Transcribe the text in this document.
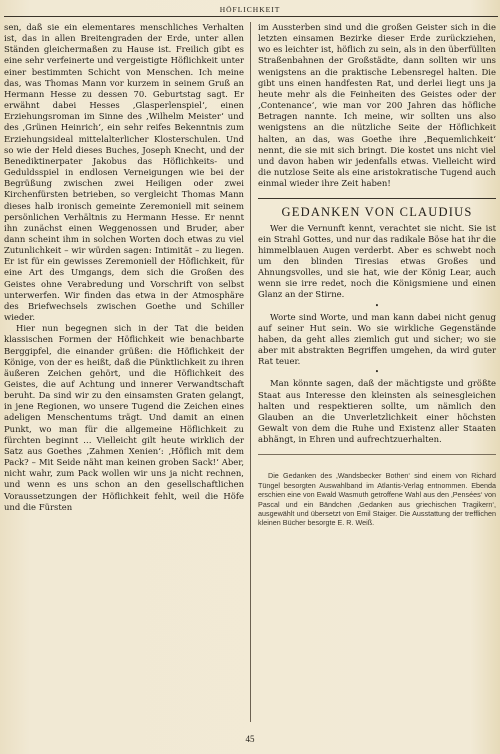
HÖFLICHKEIT

sen, daß sie ein elementares menschliches Verhalten ist, das in allen Breitengraden der Erde, unter allen Ständen gleichermaßen zu Hause ist. Freilich gibt es eine sehr verfeinerte und vergeistigte Höflichkeit unter einer bestimmten Schicht von Menschen. Ich meine das, was Thomas Mann vor kurzem in seinem Gruß an Hermann Hesse zu dessen 70. Geburtstag sagt. Er erwähnt dabei Hesses ‚Glasperlenspiel‘, einen Erziehungsroman im Sinne des ‚Wilhelm Meister‘ und des ‚Grünen Heinrich‘, ein sehr reifes Bekenntnis zum Erziehungsideal mittelalterlicher Klosterschulen. Und so wie der Held dieses Buches, Joseph Knecht, und der Benediktinerpater Jakobus das Höflichkeits- und Geduldsspiel in endlosen Verneigungen wie bei der Begrüßung zwischen zwei Heiligen oder zwei Kirchenfürsten betrieben, so vergleicht Thomas Mann dieses halb ironisch gemeinte Zeremoniell mit seinem persönlichen Verhältnis zu Hermann Hesse. Er nennt ihn zunächst einen Weggenossen und Bruder, aber dann scheint ihm in solchen Worten doch etwas zu viel Zutunlichkeit – wir würden sagen: Intimität – zu liegen. Er ist für ein gewisses Zeremoniell der Höflichkeit, für eine Art des Umgangs, dem sich die Großen des Geistes ohne Verabredung und Vorschrift von selbst unterwerfen. Wir finden das etwa in der Atmosphäre des Briefwechsels zwischen Goethe und Schiller wieder.

Hier nun begegnen sich in der Tat die beiden klassischen Formen der Höflichkeit wie benachbarte Berggipfel, die einander grüßen: die Höflichkeit der Könige, von der es heißt, daß die Pünktlichkeit zu ihren äußeren Zeichen gehört, und die Höflichkeit des Geistes, die auf Achtung und innerer Verwandtschaft beruht. Da sind wir zu den einsamsten Graten gelangt, in jene Regionen, wo unsere Tugend die Zeichen eines adeligen Menschentums trägt. Und damit an einen Punkt, wo man für die allgemeine Höflichkeit zu fürchten beginnt … Vielleicht gilt heute wirklich der Satz aus Goethes ‚Zahmen Xenien‘: ‚Höflich mit dem Pack? – Mit Seide näht man keinen groben Sack!‘ Aber, nicht wahr, zum Pack wollen wir uns ja nicht rechnen, und wenn es uns schon an den gesellschaftlichen Voraussetzungen der Höflichkeit fehlt, weil die Höfe und die Fürsten

im Aussterben sind und die großen Geister sich in die letzten einsamen Bezirke dieser Erde zurückziehen, wo es leichter ist, höflich zu sein, als in den überfüllten Straßenbahnen der Großstädte, dann sollten wir uns wenigstens an die praktische Lebensregel halten. Die gibt uns einen handfesten Rat, und derlei liegt uns ja heute mehr als die Feinheiten des Geistes oder der ‚Contenance‘, wie man vor 200 Jahren das höfliche Betragen nannte. Ich meine, wir sollten uns also wenigstens an die nützliche Seite der Höflichkeit halten, an das, was Goethe ihre ‚Bequemlichkeit‘ nennt, die sie mit sich bringt. Die kostet uns nicht viel und davon haben wir jedenfalls etwas. Vielleicht wird die nutzlose Seite als eine aristokratische Tugend auch einmal wieder ihre Zeit haben!

GEDANKEN VON CLAUDIUS

Wer die Vernunft kennt, verachtet sie nicht. Sie ist ein Strahl Gottes, und nur das radikale Böse hat ihr die himmelblauen Augen verderbt. Aber es schwebt noch um den blinden Tiresias etwas Großes und Ahnungsvolles, und sie hat, wie der König Lear, auch wenn sie irre redet, noch die Königsmiene und einen Glanz an der Stirne.

•

Worte sind Worte, und man kann dabei nicht genug auf seiner Hut sein. Wo sie wirkliche Gegenstände haben, da geht alles ziemlich gut und sicher; wo sie aber mit abstrakten Begriffen umgehen, da wird guter Rat teuer.

•

Man könnte sagen, daß der mächtigste und größte Staat aus Interesse den kleinsten als seinesgleichen halten und respektieren sollte, um nämlich den Glauben an die Unverletzlichkeit einer höchsten Gewalt von dem die Ruhe und Existenz aller Staaten abhängt, in Ehren und aufrechtzuerhalten.

Die Gedanken des ‚Wandsbecker Bothen‘ sind einem von Richard Tüngel besorgten Auswahlband im Atlantis-Verlag entnommen. Ebenda erschien eine von Ewald Wasmuth getroffene Wahl aus den ‚Pensées‘ von Pascal und ein Bändchen ‚Gedanken aus griechischen Tragikern‘, ausgewählt und übersetzt von Emil Staiger. Die Ausstattung der trefflichen kleinen Bücher besorgte E. R. Weiß.

45
